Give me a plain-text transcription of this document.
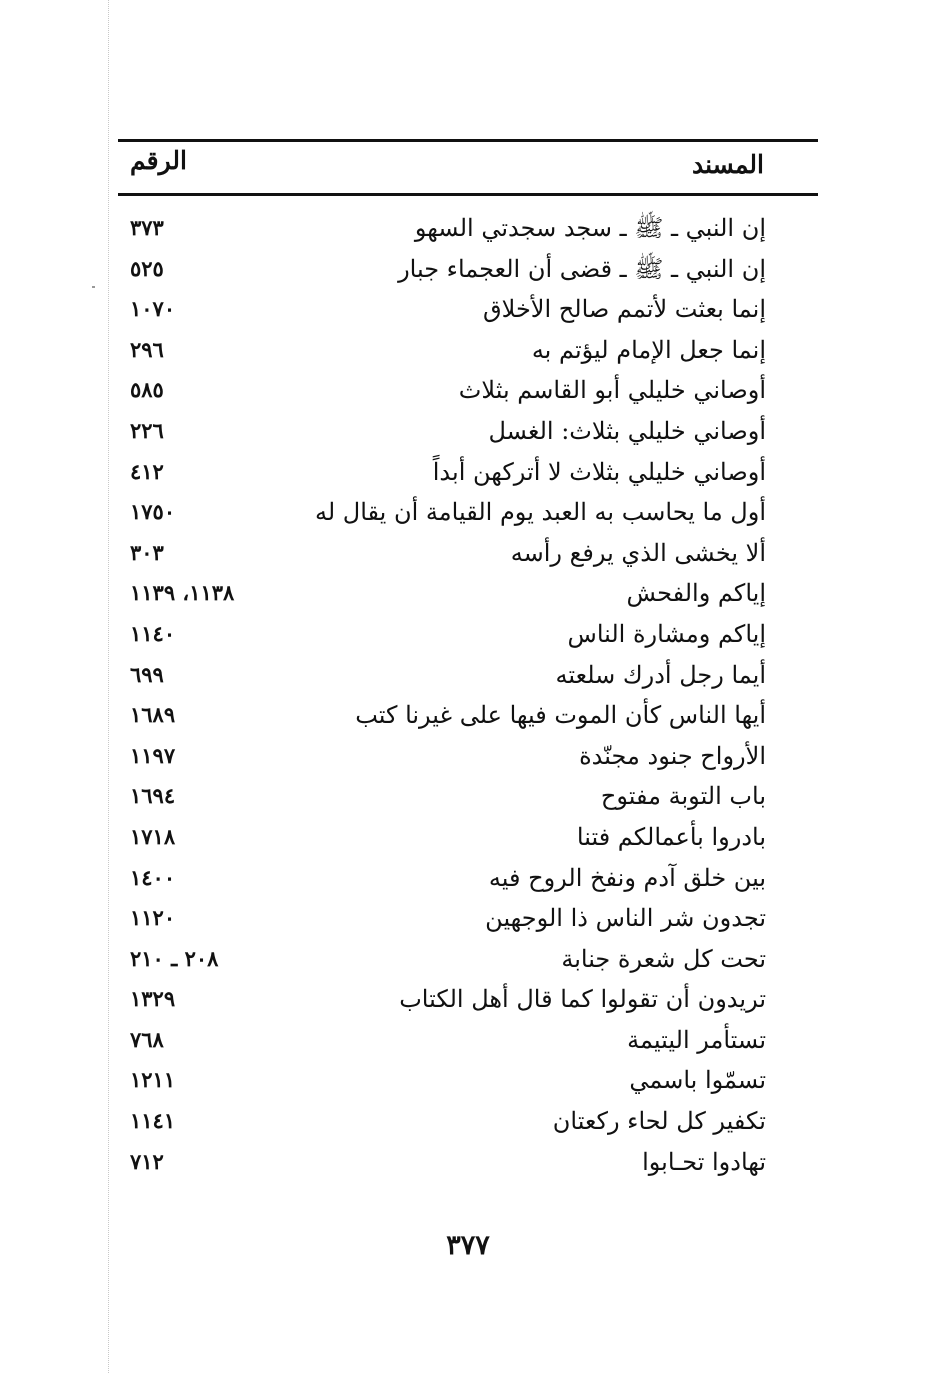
المسند
الرقم
إن النبي ـ ﷺ ـ سجد سجدتي السهو
٣٧٣
إن النبي ـ ﷺ ـ قضى أن العجماء جبار
٥٢٥
إنما بعثت لأتمم صالح الأخلاق
١٠٧٠
إنما جعل الإمام ليؤتم به
٢٩٦
أوصاني خليلي أبو القاسم بثلاث
٥٨٥
أوصاني خليلي بثلاث: الغسل
٢٢٦
أوصاني خليلي بثلاث لا أتركهن أبداً
٤١٢
أول ما يحاسب به العبد يوم القيامة أن يقال له
١٧٥٠
ألا يخشى الذي يرفع رأسه
٣٠٣
إياكم والفحش
١١٣٨، ١١٣٩
إياكم ومشارة الناس
١١٤٠
أيما رجل أدرك سلعته
٦٩٩
أيها الناس كأن الموت فيها على غيرنا كتب
١٦٨٩
الأرواح جنود مجنّدة
١١٩٧
باب التوبة مفتوح
١٦٩٤
بادروا بأعمالكم فتنا
١٧١٨
بين خلق آدم ونفخ الروح فيه
١٤٠٠
تجدون شر الناس ذا الوجهين
١١٢٠
تحت كل شعرة جنابة
٢٠٨ ـ ٢١٠
تريدون أن تقولوا كما قال أهل الكتاب
١٣٢٩
تستأمر اليتيمة
٧٦٨
تسمّوا باسمي
١٢١١
تكفير كل لحاء ركعتان
١١٤١
تهادوا تحـابوا
٧١٢
٣٧٧
